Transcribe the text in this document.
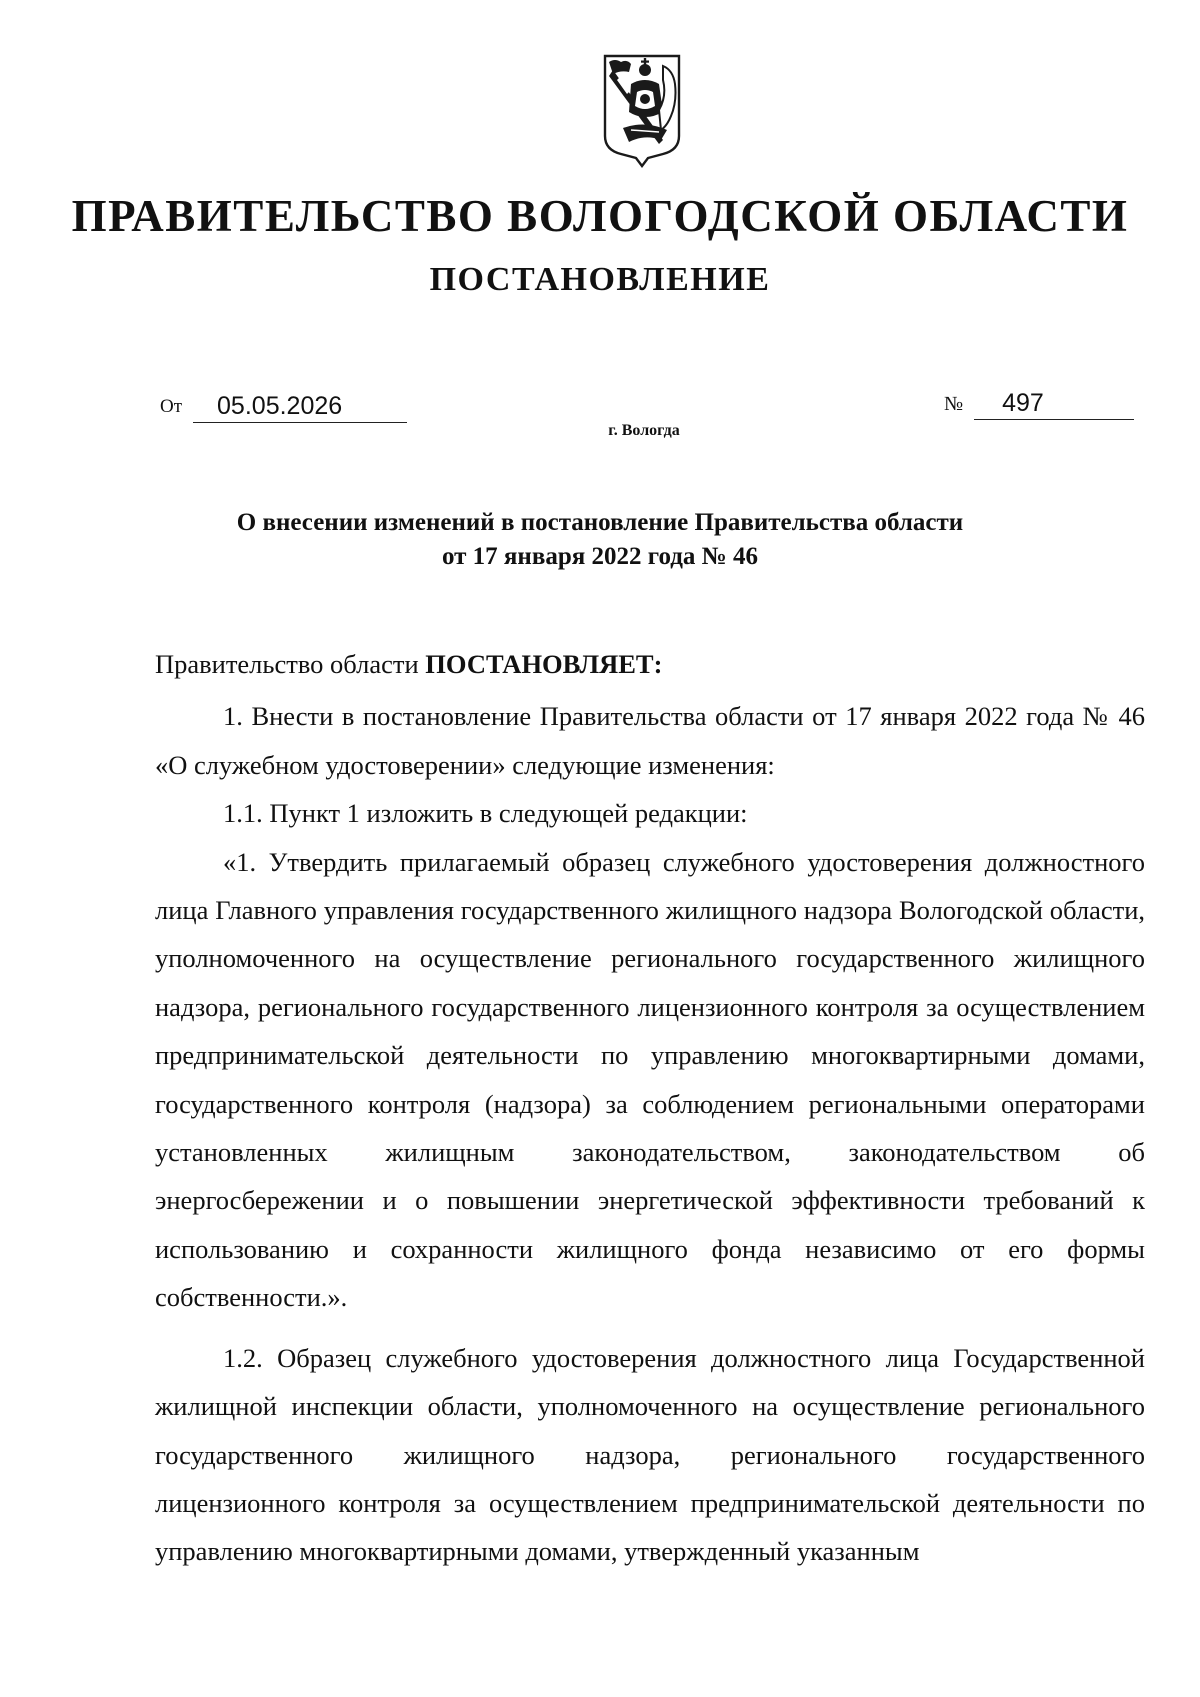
ПРАВИТЕЛЬСТВО ВОЛОГОДСКОЙ ОБЛАСТИ
ПОСТАНОВЛЕНИЕ
От 05.05.2026	№ 497
г. Вологда
О внесении изменений в постановление Правительства области
от 17 января 2022 года № 46

Правительство области ПОСТАНОВЛЯЕТ:

1. Внести в постановление Правительства области от 17 января 2022 года № 46 «О служебном удостоверении» следующие изменения:

1.1. Пункт 1 изложить в следующей редакции:

«1. Утвердить прилагаемый образец служебного удостоверения должностного лица Главного управления государственного жилищного надзора Вологодской области, уполномоченного на осуществление регионального государственного жилищного надзора, регионального государственного лицензионного контроля за осуществлением предпринимательской деятельности по управлению многоквартирными домами, государственного контроля (надзора) за соблюдением региональными операторами установленных жилищным законодательством, законодательством об энергосбережении и о повышении энергетической эффективности требований к использованию и сохранности жилищного фонда независимо от его формы собственности.».

1.2. Образец служебного удостоверения должностного лица Государственной жилищной инспекции области, уполномоченного на осуществление регионального государственного жилищного надзора, регионального государственного лицензионного контроля за осуществлением предпринимательской деятельности по управлению многоквартирными домами, утвержденный указанным
